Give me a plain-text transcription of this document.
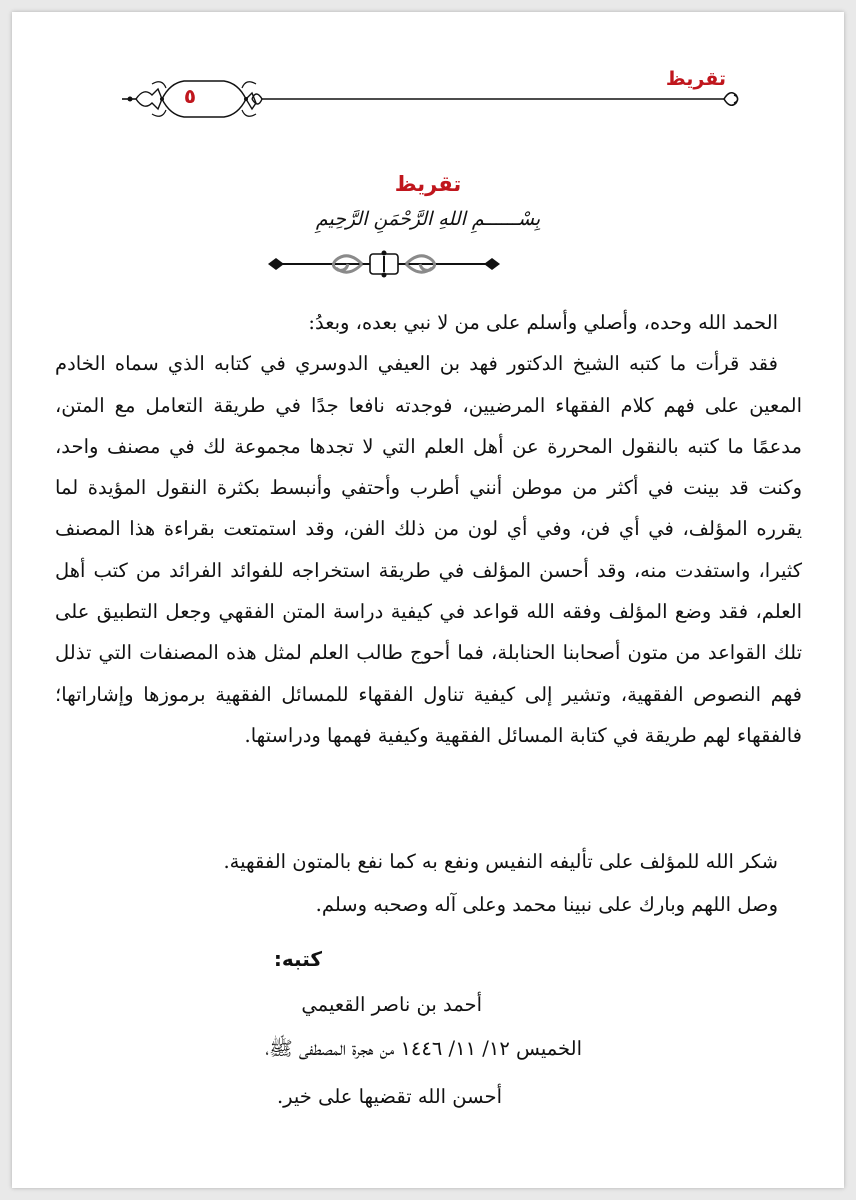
تقريظ
٥
تقريظ
بِسْــــــمِ اللهِ الرَّحْمَنِ الرَّحِيمِ

الحمد الله وحده، وأصلي وأسلم على من لا نبي بعده، وبعدُ:

فقد قرأت ما كتبه الشيخ الدكتور فهد بن العيفي الدوسري في كتابه الذي سماه الخادم المعين على فهم كلام الفقهاء المرضيين، فوجدته نافعا جدًا في طريقة التعامل مع المتن، مدعمًا ما كتبه بالنقول المحررة عن أهل العلم التي لا تجدها مجموعة لك في مصنف واحد، وكنت قد بينت في أكثر من موطن أنني أطرب وأحتفي وأنبسط بكثرة النقول المؤيدة لما يقرره المؤلف، في أي فن، وفي أي لون من ذلك الفن، وقد استمتعت بقراءة هذا المصنف كثيرا، واستفدت منه، وقد أحسن المؤلف في طريقة استخراجه للفوائد الفرائد من كتب أهل العلم، فقد وضع المؤلف وفقه الله قواعد في كيفية دراسة المتن الفقهي وجعل التطبيق على تلك القواعد من متون أصحابنا الحنابلة، فما أحوج طالب العلم لمثل هذه المصنفات التي تذلل فهم النصوص الفقهية، وتشير إلى كيفية تناول الفقهاء للمسائل الفقهية برموزها وإشاراتها؛ فالفقهاء لهم طريقة في كتابة المسائل الفقهية وكيفية فهمها ودراستها.

شكر الله للمؤلف على تأليفه النفيس ونفع به كما نفع بالمتون الفقهية.

وصل اللهم وبارك على نبينا محمد وعلى آله وصحبه وسلم.

كتبه:
أحمد بن ناصر القعيمي
الخميس ١٢/ ١١/ ١٤٤٦ من هجرة المصطفى ﷺ،
أحسن الله تقضيها على خير.
